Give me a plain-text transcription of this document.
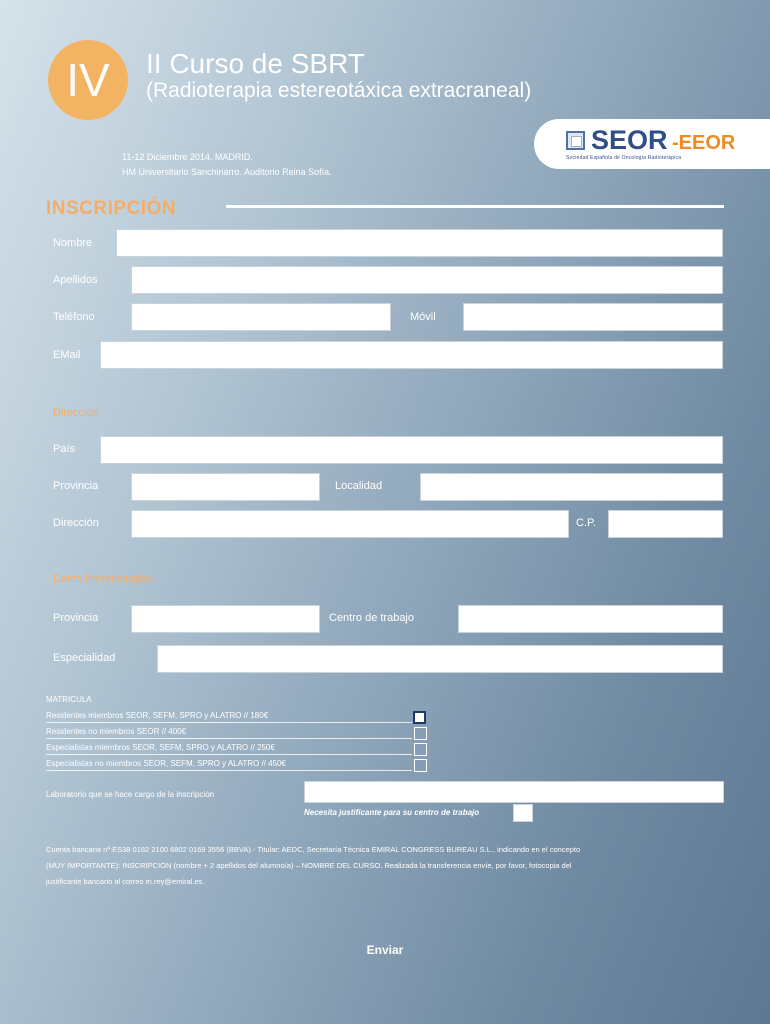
IV	II Curso de SBRT
(Radioterapia estereotáxica extracraneal)
11-12 Diciembre 2014. MADRID.
HM Universitario Sanchinarro. Auditorio Reina Sofía.
SEOR -EEOR
Sociedad Española de Oncología Radioterápica
INSCRIPCIÓN
Nombre
Apellidos
Teléfono	Móvil
EMail
Dirección
País
Provincia	Localidad
Dirección	C.P.
Datos Profesionales
Provincia	Centro de trabajo
Especialidad
MATRICULA
Residentes miembros SEOR, SEFM, SPRO y ALATRO // 180€
Residentes no miembros SEOR // 400€
Especialistas miembros SEOR, SEFM, SPRO y ALATRO // 250€
Especialistas no miembros SEOR, SEFM, SPRO y ALATRO // 450€
Laboratorio que se hace cargo de la inscripción
Necesita justificante para su centro de trabajo
Cuenta bancaria nº:ES38 0182 2100 6802 0169 3556 (BBVA).- Titular: AEDC, Secretaría Técnica EMIRAL CONGRESS BUREAU S.L., indicando en el concepto
(MUY IMPORTANTE): INSCRIPCION (nombre + 2 apellidos del alumno/a) – NOMBRE DEL CURSO. Realizada la transferencia envíe, por favor, fotocopia del
justificante bancario al correo m.rey@emiral.es.
Enviar
